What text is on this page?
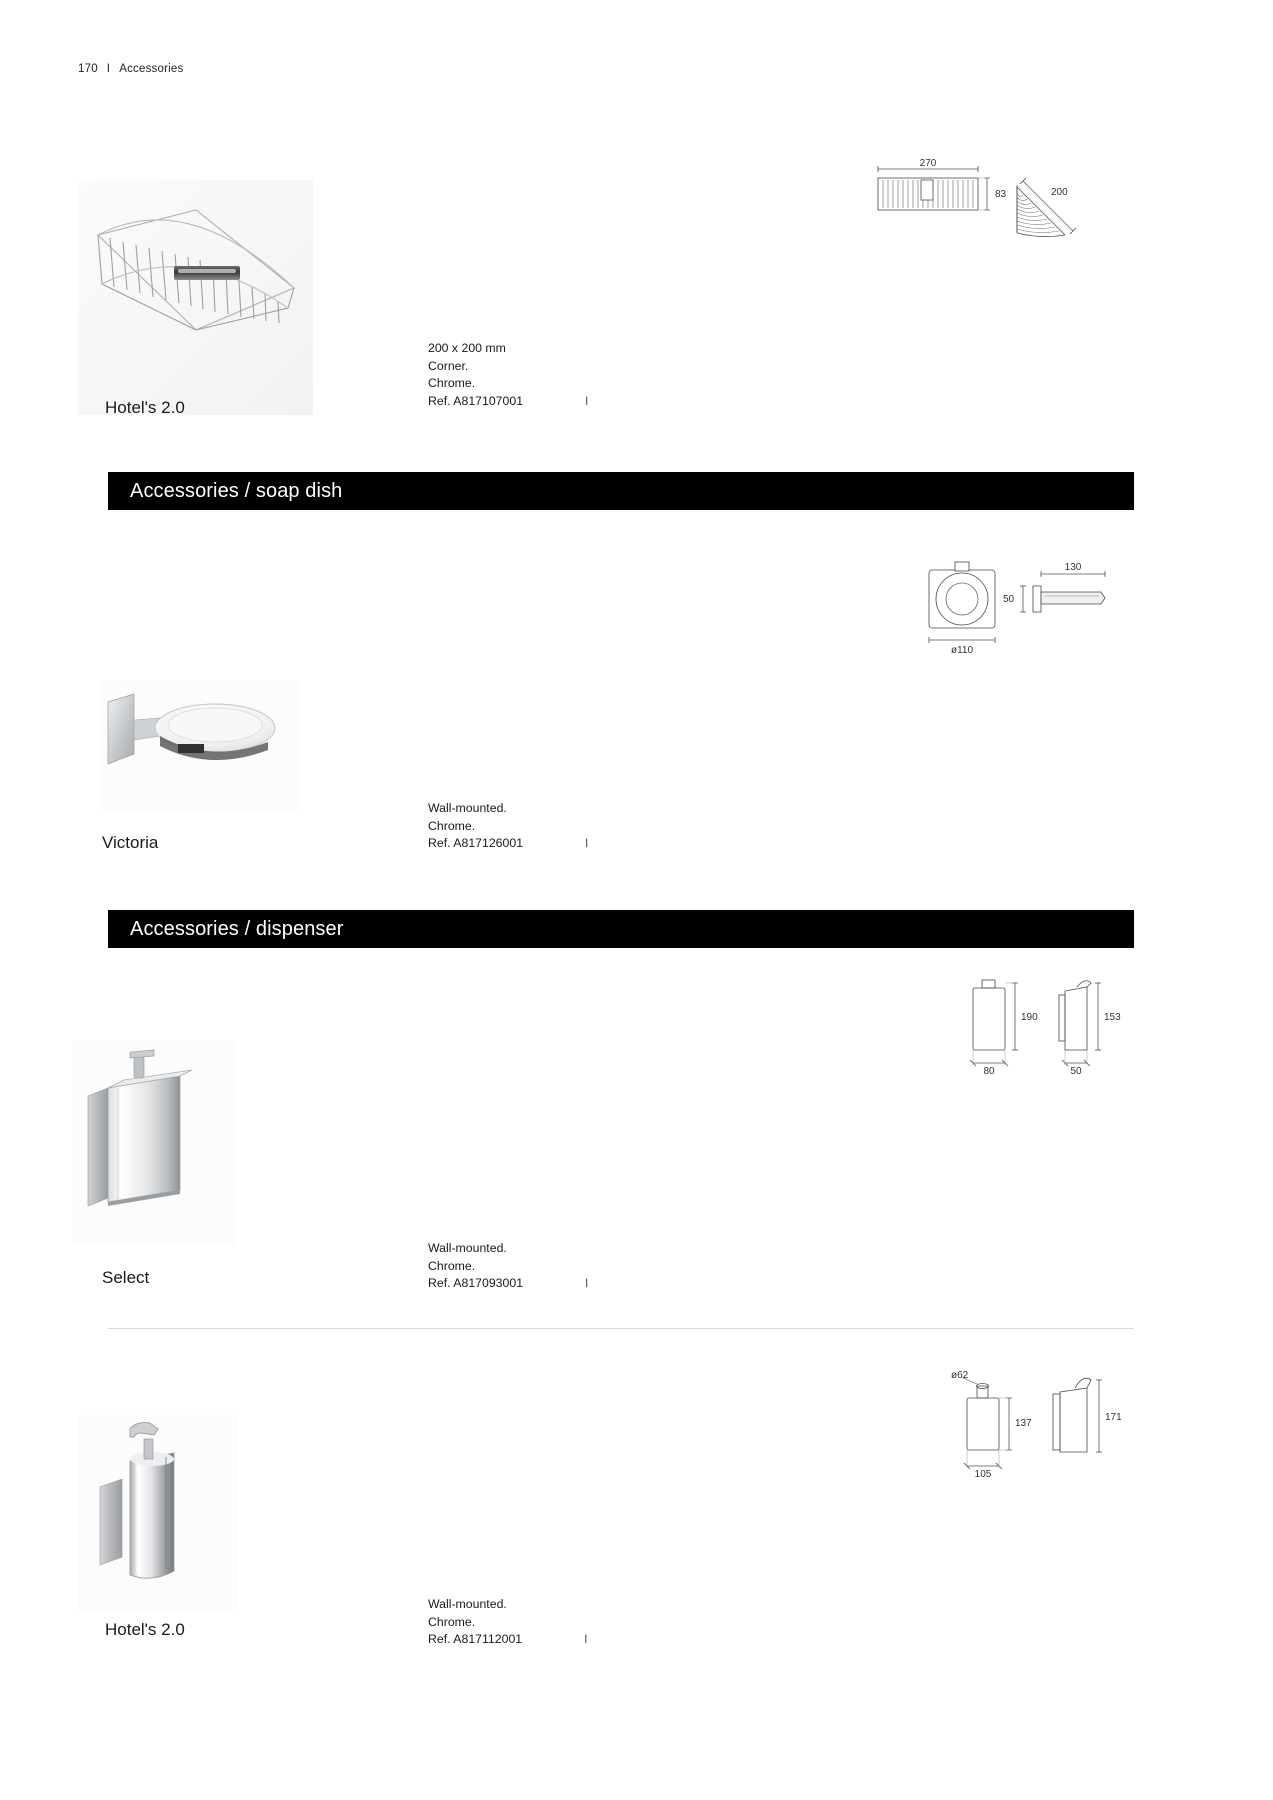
170 I Accessories
Hotel's 2.0
200 x 200 mm
Corner.
Chrome.
Ref. A817107001	I
270
83	200
Accessories / soap dish
Victoria
Wall-mounted.
Chrome.
Ref. A817126001	I
ø110
130
50
Accessories / dispenser
Select
Wall-mounted.
Chrome.
Ref. A817093001	I
190
80
153
50
Hotel's 2.0
Wall-mounted.
Chrome.
Ref. A817112001	I
ø62
137
105
171
